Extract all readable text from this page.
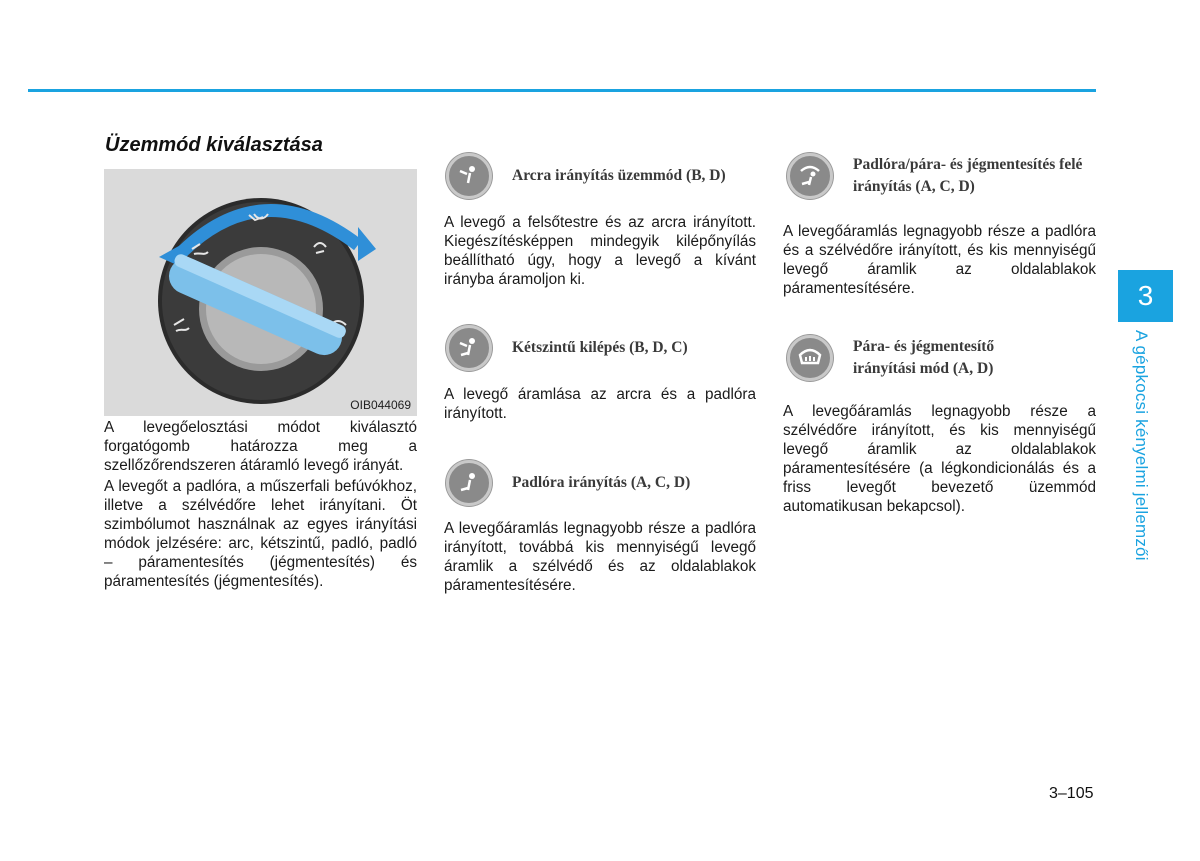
3
A gépkocsi kényelmi jellemzői
Üzemmód kiválasztása
OIB044069

A levegőelosztási módot kiválasztó forgatógomb határozza meg a szellőzőrendszeren átáramló levegő irányát.

A levegőt a padlóra, a műszerfali befúvókhoz, illetve a szélvédőre lehet irányítani. Öt szimbólumot használnak az egyes irányítási módok jelzésére: arc, kétszintű, padló, padló – páramentesítés (jégmentesítés) és páramentesítés (jégmentesítés).

Arcra irányítás üzemmód (B, D)

A levegő a felsőtestre és az arcra irányított. Kiegészítésképpen mindegyik kilépőnyílás beállítható úgy, hogy a levegő a kívánt irányba áramoljon ki.

Kétszintű kilépés (B, D, C)

A levegő áramlása az arcra és a padlóra irányított.

Padlóra irányítás (A, C, D)

A levegőáramlás legnagyobb része a padlóra irányított, továbbá kis mennyiségű levegő áramlik a szélvédő és az oldalablakok páramentesítésére.

Padlóra/pára- és jégmentesítés felé irányítás (A, C, D)

A levegőáramlás legnagyobb része a padlóra és a szélvédőre irányított, és kis mennyiségű levegő áramlik az oldalablakok páramentesítésére.

Pára- és jégmentesítő irányítási mód (A, D)

A levegőáramlás legnagyobb része a szélvédőre irányított, és kis mennyiségű levegő áramlik az oldalablakok páramentesítésére (a légkondicionálás és a friss levegőt bevezető üzemmód automatikusan bekapcsol).

3–105
